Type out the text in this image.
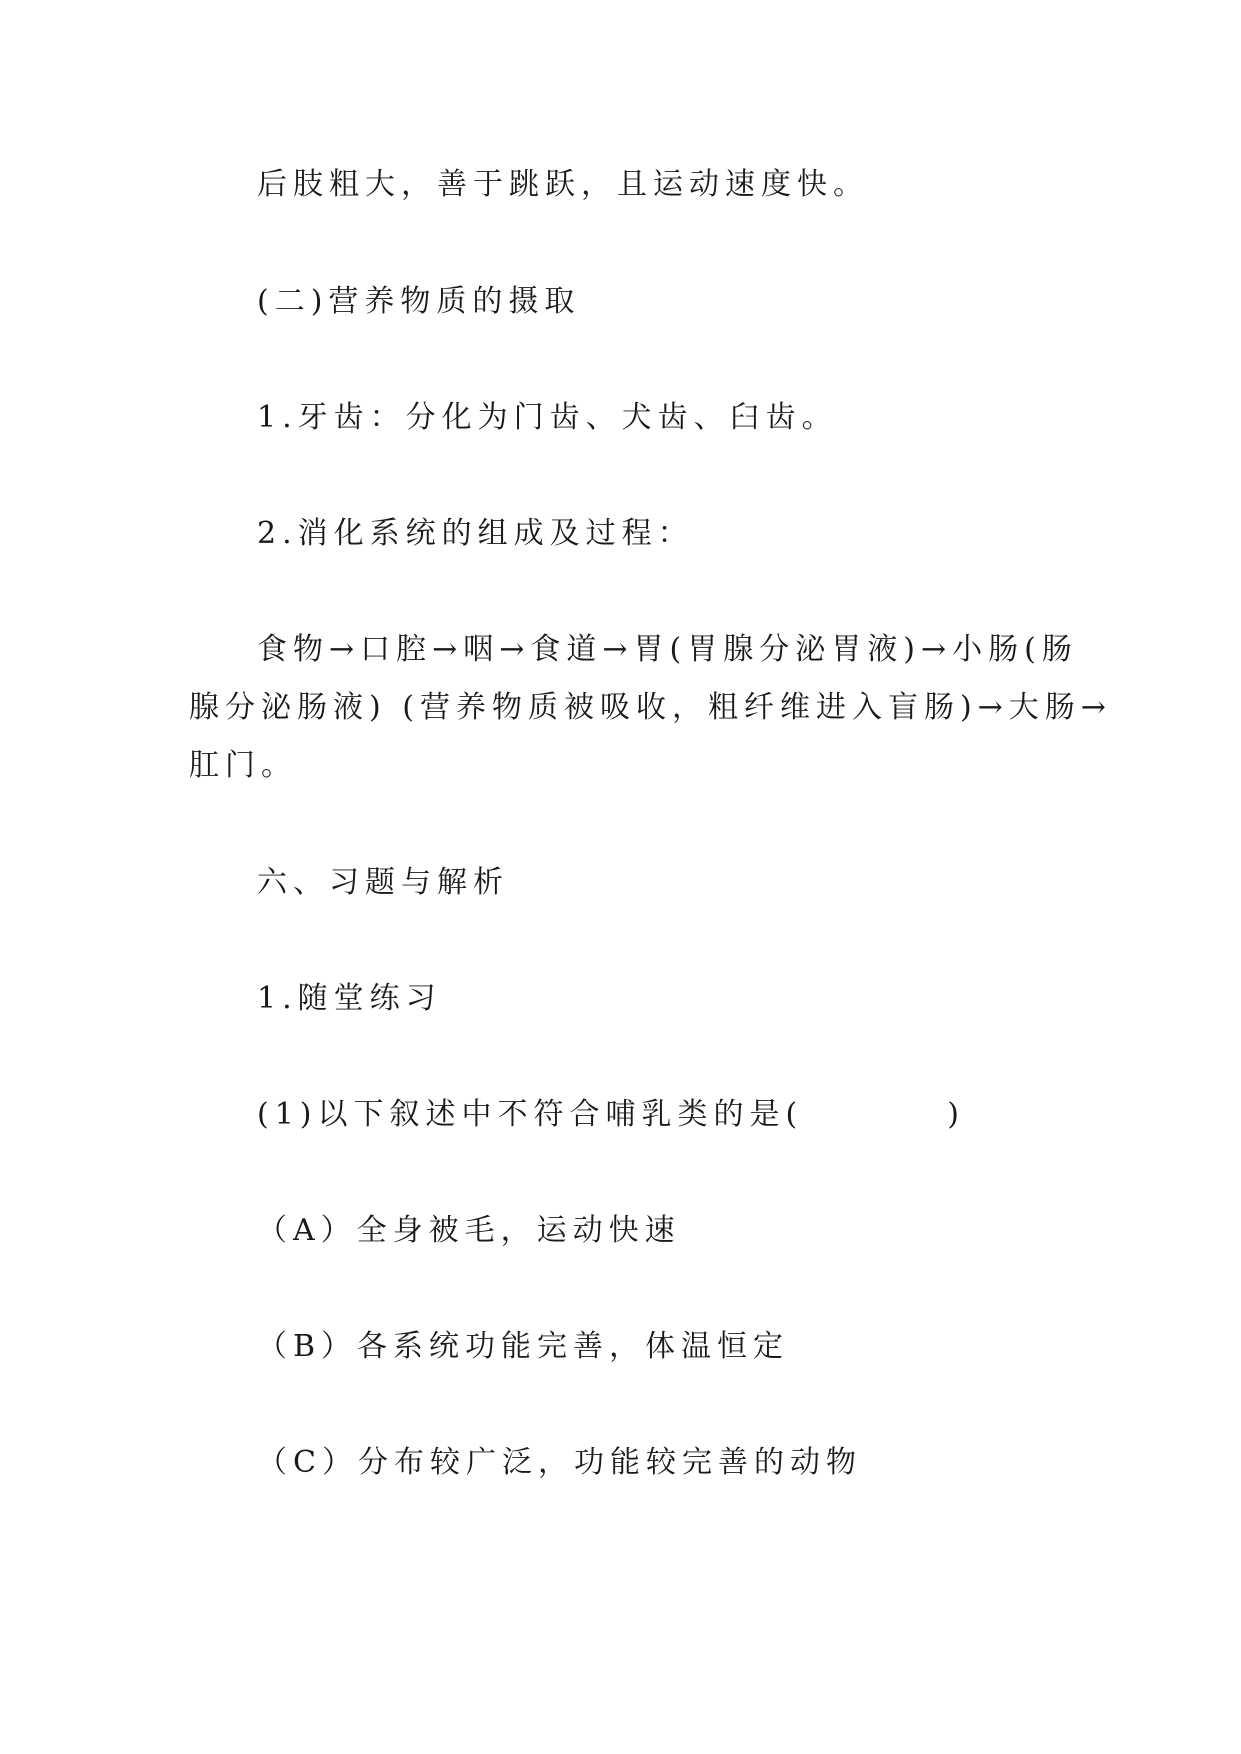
后肢粗大，善于跳跃，且运动速度快。
(二)营养物质的摄取
1.牙齿：分化为门齿、犬齿、臼齿。
2.消化系统的组成及过程：
食物→口腔→咽→食道→胃(胃腺分泌胃液)→小肠(肠
腺分泌肠液) (营养物质被吸收，粗纤维进入盲肠)→大肠→
肛门。
六、习题与解析
1.随堂练习
(1)以下叙述中不符合哺乳类的是(　　　　)
（A）全身被毛，运动快速
（B）各系统功能完善，体温恒定
（C）分布较广泛，功能较完善的动物
